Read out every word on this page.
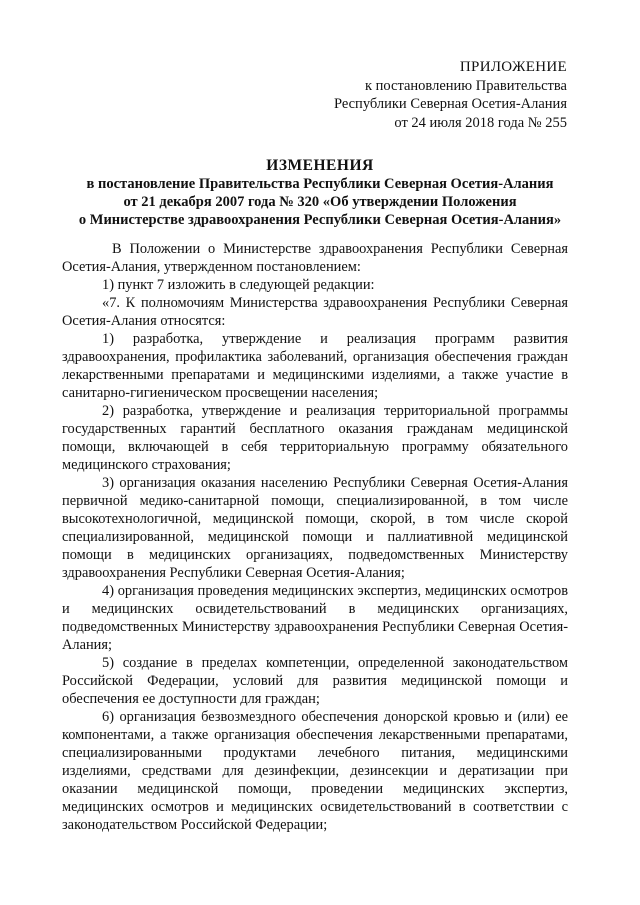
ПРИЛОЖЕНИЕ
к постановлению Правительства
Республики Северная Осетия-Алания
от 24 июля 2018 года № 255
ИЗМЕНЕНИЯ
в постановление Правительства Республики Северная Осетия-Алания
от 21 декабря 2007 года № 320 «Об утверждении Положения
о Министерстве здравоохранения Республики Северная Осетия-Алания»

В Положении о Министерстве здравоохранения Республики Северная Осетия-Алания, утвержденном постановлением:

1) пункт 7 изложить в следующей редакции:

«7. К полномочиям Министерства здравоохранения Республики Северная Осетия-Алания относятся:

1) разработка, утверждение и реализация программ развития здравоохранения, профилактика заболеваний, организация обеспечения граждан лекарственными препаратами и медицинскими изделиями, а также участие в санитарно-гигиеническом просвещении населения;

2) разработка, утверждение и реализация территориальной программы государственных гарантий бесплатного оказания гражданам медицинской помощи, включающей в себя территориальную программу обязательного медицинского страхования;

3) организация оказания населению Республики Северная Осетия-Алания первичной медико-санитарной помощи, специализированной, в том числе высокотехнологичной, медицинской помощи, скорой, в том числе скорой специализированной, медицинской помощи и паллиативной медицинской помощи в медицинских организациях, подведомственных Министерству здравоохранения Республики Северная Осетия-Алания;

4) организация проведения медицинских экспертиз, медицинских осмотров и медицинских освидетельствований в медицинских организациях, подведомственных Министерству здравоохранения Республики Северная Осетия-Алания;

5) создание в пределах компетенции, определенной законодательством Российской Федерации, условий для развития медицинской помощи и обеспечения ее доступности для граждан;

6) организация безвозмездного обеспечения донорской кровью и (или) ее компонентами, а также организация обеспечения лекарственными препаратами, специализированными продуктами лечебного питания, медицинскими изделиями, средствами для дезинфекции, дезинсекции и дератизации при оказании медицинской помощи, проведении медицинских экспертиз, медицинских осмотров и медицинских освидетельствований в соответствии с законодательством Российской Федерации;
